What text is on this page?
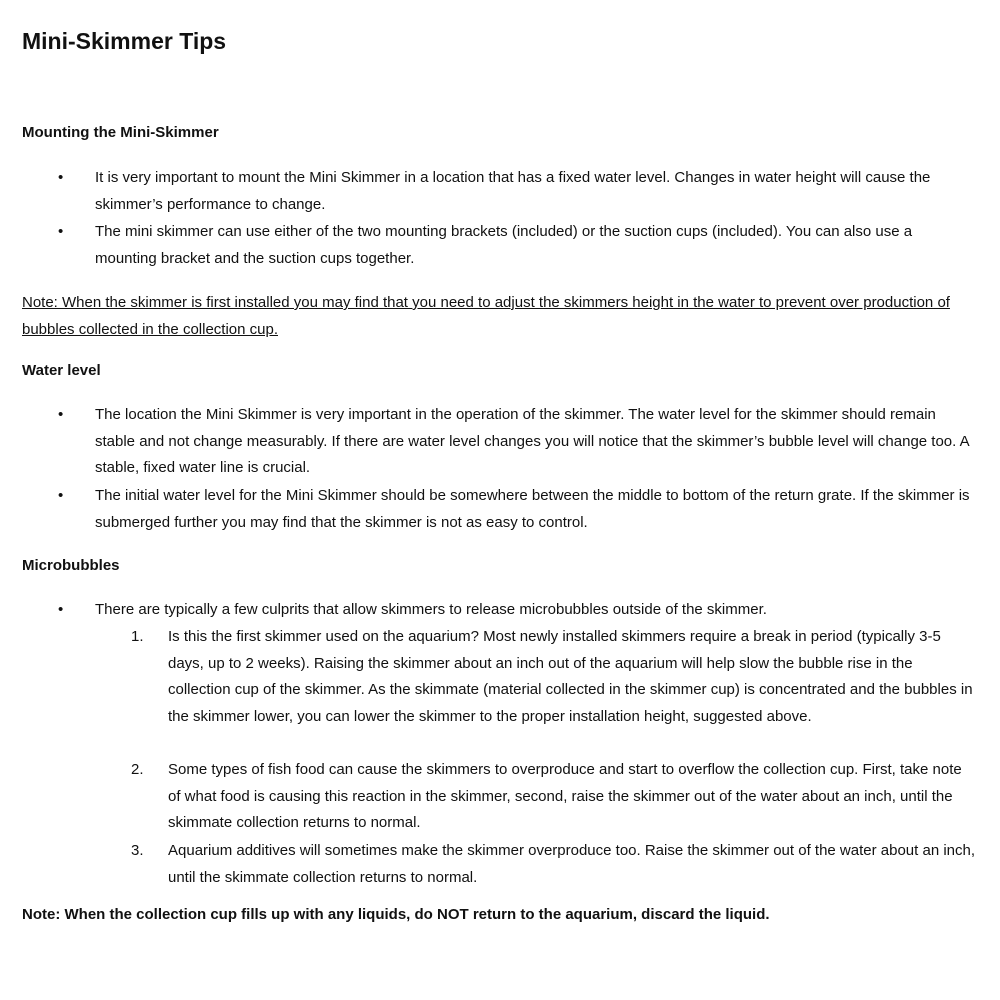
Mini-Skimmer Tips
Mounting the Mini-Skimmer
• It is very important to mount the Mini Skimmer in a location that has a fixed water level. Changes in water height will cause the skimmer’s performance to change.
• The mini skimmer can use either of the two mounting brackets (included) or the suction cups (included). You can also use a mounting bracket and the suction cups together.
Note: When the skimmer is first installed you may find that you need to adjust the skimmers height in the water to prevent over production of bubbles collected in the collection cup.
Water level
• The location the Mini Skimmer is very important in the operation of the skimmer. The water level for the skimmer should remain stable and not change measurably. If there are water level changes you will notice that the skimmer’s bubble level will change too. A stable, fixed water line is crucial.
• The initial water level for the Mini Skimmer should be somewhere between the middle to bottom of the return grate. If the skimmer is submerged further you may find that the skimmer is not as easy to control.
Microbubbles
• There are typically a few culprits that allow skimmers to release microbubbles outside of the skimmer.
1. Is this the first skimmer used on the aquarium? Most newly installed skimmers require a break in period (typically 3-5 days, up to 2 weeks). Raising the skimmer about an inch out of the aquarium will help slow the bubble rise in the collection cup of the skimmer. As the skimmate (material collected in the skimmer cup) is concentrated and the bubbles in the skimmer lower, you can lower the skimmer to the proper installation height, suggested above.
2. Some types of fish food can cause the skimmers to overproduce and start to overflow the collection cup. First, take note of what food is causing this reaction in the skimmer, second, raise the skimmer out of the water about an inch, until the skimmate collection returns to normal.
3. Aquarium additives will sometimes make the skimmer overproduce too. Raise the skimmer out of the water about an inch, until the skimmate collection returns to normal.
Note: When the collection cup fills up with any liquids, do NOT return to the aquarium, discard the liquid.
